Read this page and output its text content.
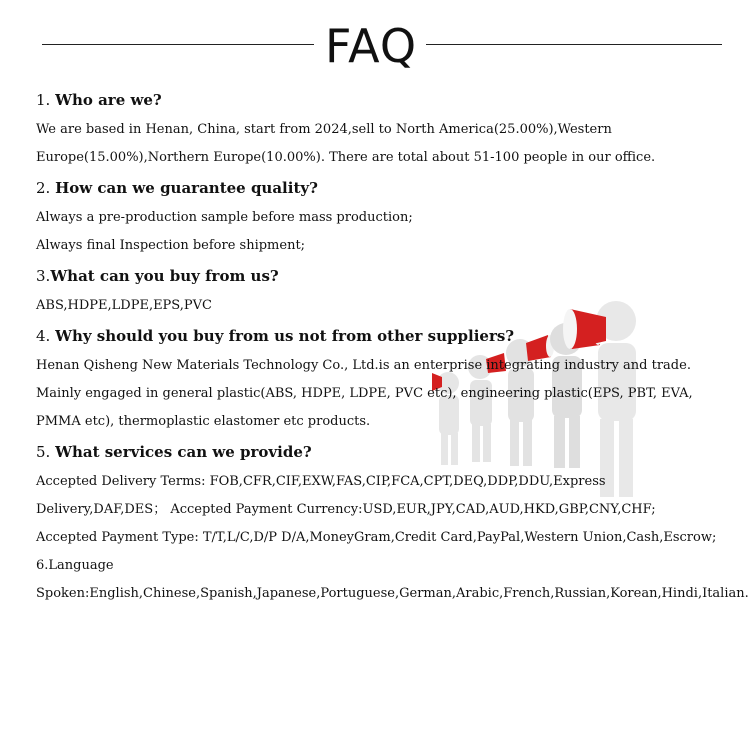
FAQ
1. Who are we?
We are based in Henan, China, start from 2024,sell to North America(25.00%),Western Europe(15.00%),Northern Europe(10.00%). There are total about 51-100 people in our office.
2. How can we guarantee quality?
Always a pre-production sample before mass production;
Always final Inspection before shipment;
3.What can you buy from us?
ABS,HDPE,LDPE,EPS,PVC
4. Why should you buy from us not from other suppliers?
Henan Qisheng New Materials Technology Co., Ltd.is an enterprise integrating industry and trade. Mainly engaged in general plastic(ABS, HDPE, LDPE, PVC etc), engineering plastic(EPS, PBT, EVA, PMMA etc), thermoplastic elastomer etc products.
5. What services can we provide?
Accepted Delivery Terms: FOB,CFR,CIF,EXW,FAS,CIP,FCA,CPT,DEQ,DDP,DDU,Express Delivery,DAF,DES； Accepted Payment Currency:USD,EUR,JPY,CAD,AUD,HKD,GBP,CNY,CHF;
Accepted Payment Type: T/T,L/C,D/P D/A,MoneyGram,Credit Card,PayPal,Western Union,Cash,Escrow;
6.Language Spoken:English,Chinese,Spanish,Japanese,Portuguese,German,Arabic,French,Russian,Korean,Hindi,Italian.
